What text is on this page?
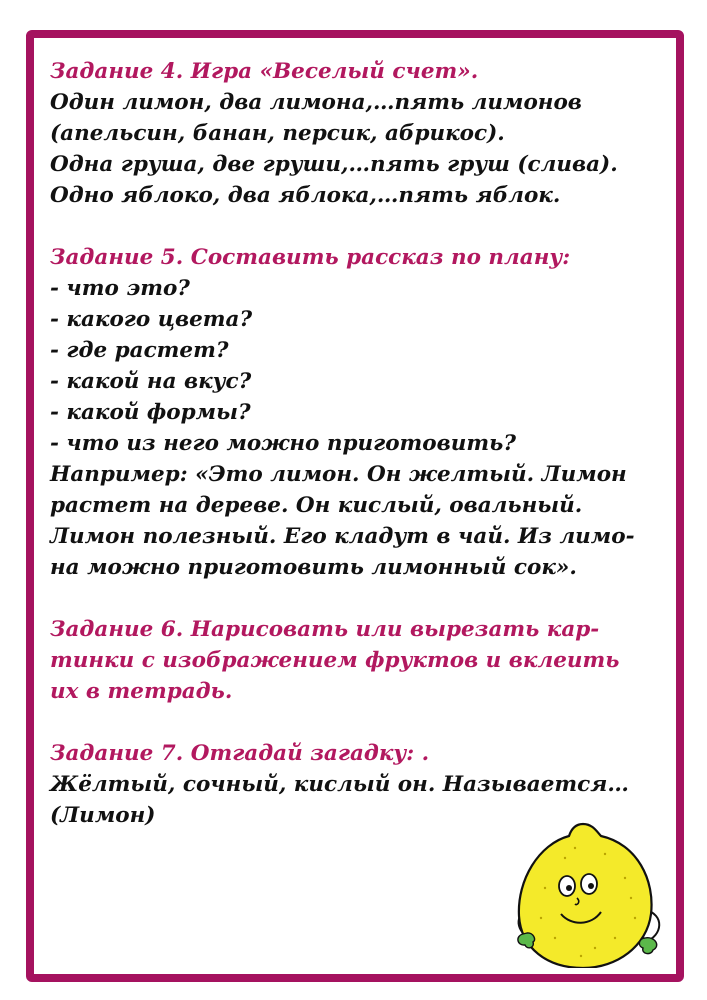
Задание 4. Игра «Веселый счет».
Один лимон, два лимона,…пять лимонов
(апельсин, банан, персик, абрикос).
Одна груша, две груши,…пять груш (слива).
Одно яблоко, два яблока,…пять яблок.
Задание 5. Составить рассказ по плану:
- что это?
- какого цвета?
- где растет?
- какой на вкус?
- какой формы?
- что из него можно приготовить?
Например: «Это лимон. Он желтый. Лимон
растет на дереве. Он кислый, овальный.
Лимон полезный. Его кладут в чай. Из лимо-
на можно приготовить лимонный сок».
Задание 6. Нарисовать или вырезать кар-
тинки с изображением фруктов и вклеить
их в тетрадь.
Задание 7. Отгадай загадку: .
Жёлтый, сочный, кислый он. Называется…
(Лимон)
